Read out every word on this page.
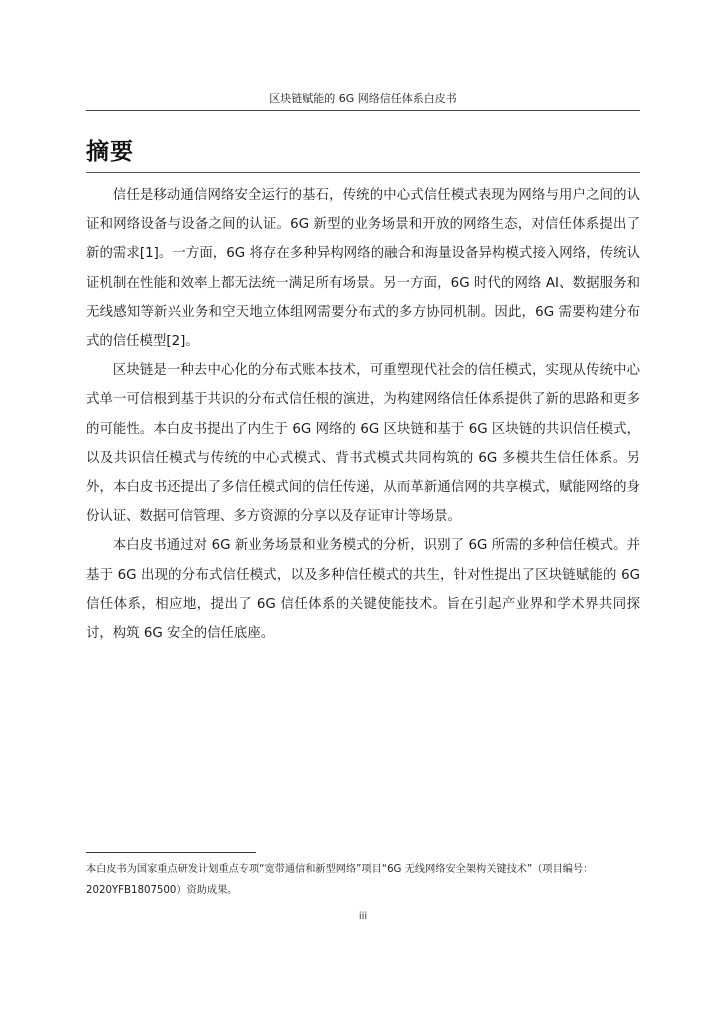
区块链赋能的 6G 网络信任体系白皮书
摘要

信任是移动通信网络安全运行的基石，传统的中心式信任模式表现为网络与用户之间的认证和网络设备与设备之间的认证。6G 新型的业务场景和开放的网络生态，对信任体系提出了新的需求[1]。一方面，6G 将存在多种异构网络的融合和海量设备异构模式接入网络，传统认证机制在性能和效率上都无法统一满足所有场景。另一方面，6G 时代的网络 AI、数据服务和无线感知等新兴业务和空天地立体组网需要分布式的多方协同机制。因此，6G 需要构建分布式的信任模型[2]。

区块链是一种去中心化的分布式账本技术，可重塑现代社会的信任模式，实现从传统中心式单一可信根到基于共识的分布式信任根的演进，为构建网络信任体系提供了新的思路和更多的可能性。本白皮书提出了内生于 6G 网络的 6G 区块链和基于 6G 区块链的共识信任模式，以及共识信任模式与传统的中心式模式、背书式模式共同构筑的 6G 多模共生信任体系。另外，本白皮书还提出了多信任模式间的信任传递，从而革新通信网的共享模式，赋能网络的身份认证、数据可信管理、多方资源的分享以及存证审计等场景。

本白皮书通过对 6G 新业务场景和业务模式的分析，识别了 6G 所需的多种信任模式。并基于 6G 出现的分布式信任模式，以及多种信任模式的共生，针对性提出了区块链赋能的 6G 信任体系，相应地，提出了 6G 信任体系的关键使能技术。旨在引起产业界和学术界共同探讨，构筑 6G 安全的信任底座。

本白皮书为国家重点研发计划重点专项“宽带通信和新型网络”项目“6G 无线网络安全架构关键技术”（项目编号：2020YFB1807500）资助成果。

iii
